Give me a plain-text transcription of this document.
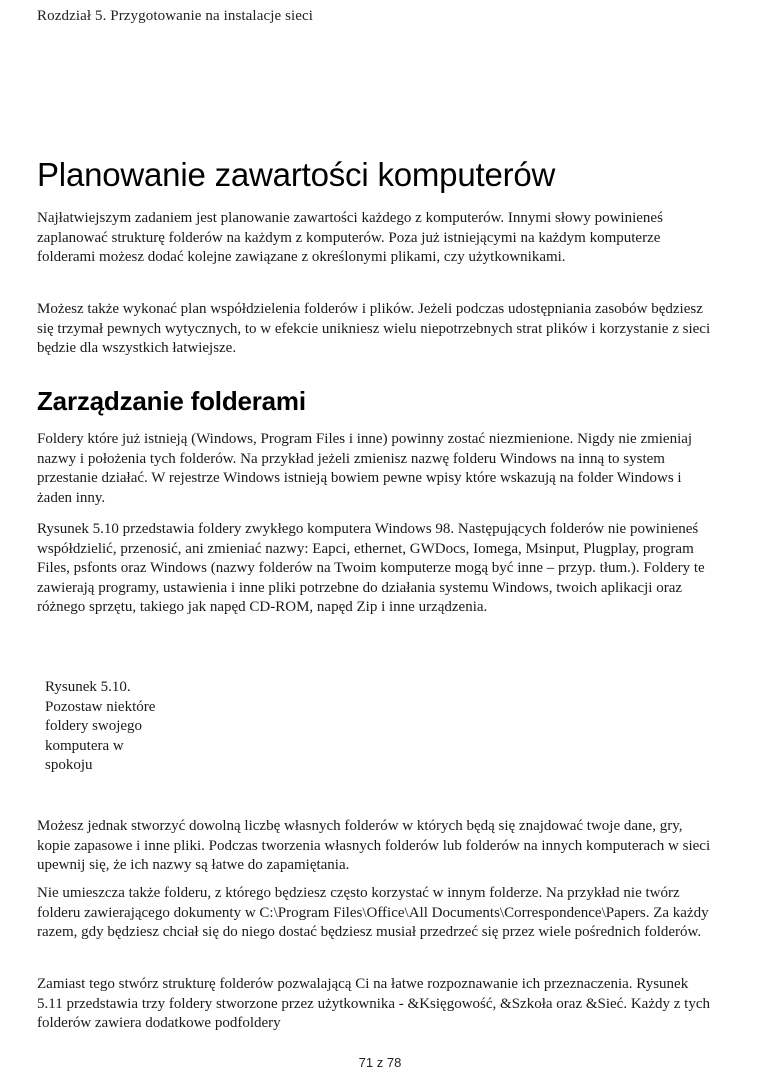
Rozdział 5. Przygotowanie na instalacje sieci
Planowanie zawartości komputerów

Najłatwiejszym zadaniem jest planowanie zawartości każdego z komputerów. Innymi słowy powinieneś zaplanować strukturę folderów na każdym z komputerów. Poza już istniejącymi na każdym komputerze folderami możesz dodać kolejne zawiązane z określonymi plikami, czy użytkownikami.

Możesz także wykonać plan współdzielenia folderów i plików. Jeżeli podczas udostępniania zasobów będziesz się trzymał pewnych wytycznych, to w efekcie unikniesz wielu niepotrzebnych strat plików i korzystanie z sieci będzie dla wszystkich łatwiejsze.

Zarządzanie folderami

Foldery które już istnieją (Windows, Program Files i inne) powinny zostać niezmienione. Nigdy nie zmieniaj nazwy i położenia tych folderów. Na przykład jeżeli zmienisz nazwę folderu Windows na inną to system przestanie działać. W rejestrze Windows istnieją bowiem pewne wpisy które wskazują na folder Windows i żaden inny.

Rysunek 5.10 przedstawia foldery zwykłego komputera Windows 98. Następujących folderów nie powinieneś współdzielić, przenosić, ani zmieniać nazwy: Eapci, ethernet, GWDocs, Iomega, Msinput, Plugplay, program Files, psfonts oraz Windows (nazwy folderów na Twoim komputerze mogą być inne – przyp. tłum.). Foldery te zawierają programy, ustawienia i inne pliki potrzebne do działania systemu Windows, twoich aplikacji oraz różnego sprzętu, takiego jak napęd CD-ROM, napęd Zip i inne urządzenia.

Rysunek 5.10.
Pozostaw niektóre
foldery swojego
komputera w
spokoju

Możesz jednak stworzyć dowolną liczbę własnych folderów w których będą się znajdować twoje dane, gry, kopie zapasowe i inne pliki. Podczas tworzenia własnych folderów lub folderów na innych komputerach w sieci upewnij się, że ich nazwy są łatwe do zapamiętania.

Nie umieszcza także folderu, z którego będziesz często korzystać w innym folderze. Na przykład nie twórz folderu zawierającego dokumenty w C:\Program Files\Office\All Documents\Correspondence\Papers. Za każdy razem, gdy będziesz chciał się do niego dostać będziesz musiał przedrzeć się przez wiele pośrednich folderów.

Zamiast tego stwórz strukturę folderów pozwalającą Ci na łatwe rozpoznawanie ich przeznaczenia. Rysunek 5.11 przedstawia trzy foldery stworzone przez użytkownika - &Księgowość, &Szkoła oraz &Sieć. Każdy z tych folderów zawiera dodatkowe podfoldery

71 z 78
